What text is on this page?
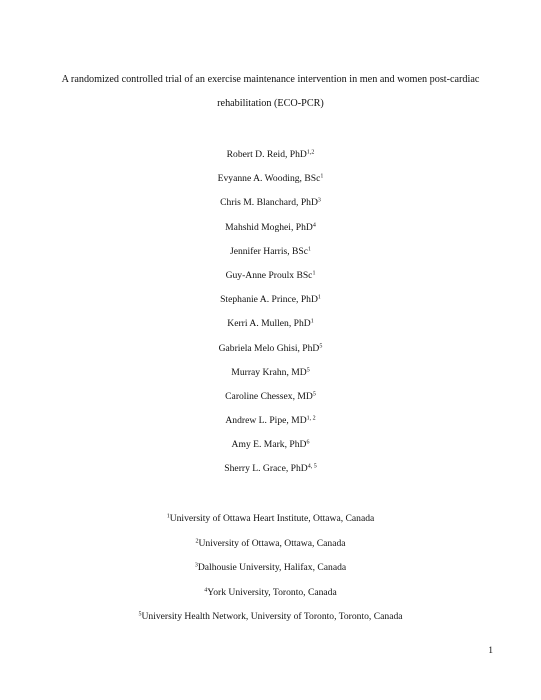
A randomized controlled trial of an exercise maintenance intervention in men and women post-cardiac
rehabilitation (ECO-PCR)
Robert D. Reid, PhD$^{1,2}$
Evyanne A. Wooding, BSc$^1$
Chris M. Blanchard, PhD$^3$
Mahshid Moghei, PhD$^4$
Jennifer Harris, BSc$^1$
Guy-Anne Proulx BSc$^1$
Stephanie A. Prince, PhD$^1$
Kerri A. Mullen, PhD$^1$
Gabriela Melo Ghisi, PhD$^5$
Murray Krahn, $MD^5$
Caroline Chessex, $MD^5$
Andrew L. Pipe, MD$^{1, 2}$
Amy E. Mark, PhD$^6$
Sherry L. Grace, PhD$^{4, 5}$
$^1$University of Ottawa Heart Institute, Ottawa, Canada
$^2$University of Ottawa, Ottawa, Canada
$^3$Dalhousie University, Halifax, Canada
$^4$York University, Toronto, Canada
$^5$University Health Network, University of Toronto, Toronto, Canada
1
